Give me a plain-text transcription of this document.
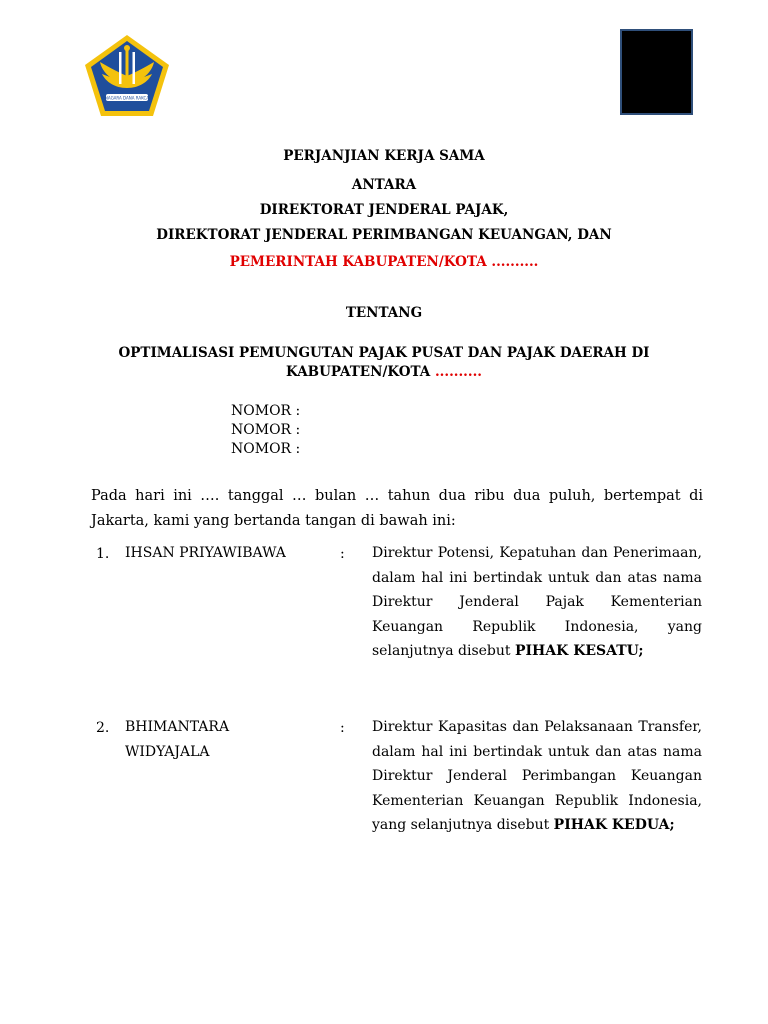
NAGARA DANA RAKCA
PERJANJIAN KERJA SAMA
ANTARA
DIREKTORAT JENDERAL PAJAK,
DIREKTORAT JENDERAL PERIMBANGAN KEUANGAN, DAN
PEMERINTAH KABUPATEN/KOTA ..........
TENTANG
OPTIMALISASI PEMUNGUTAN PAJAK PUSAT DAN PAJAK DAERAH DI
KABUPATEN/KOTA ..........
NOMOR :
NOMOR :
NOMOR :
Pada hari ini …. tanggal … bulan … tahun dua ribu dua puluh, bertempat di Jakarta, kami yang bertanda tangan di bawah ini:
1. IHSAN PRIYAWIBAWA	: Direktur Potensi, Kepatuhan dan Penerimaan, dalam hal ini bertindak untuk dan atas nama Direktur Jenderal Pajak Kementerian Keuangan Republik Indonesia, yang selanjutnya disebut PIHAK KESATU;
2. BHIMANTARA
WIDYAJALA
: Direktur Kapasitas dan Pelaksanaan Transfer, dalam hal ini bertindak untuk dan atas nama Direktur Jenderal Perimbangan Keuangan Kementerian Keuangan Republik Indonesia, yang selanjutnya disebut PIHAK KEDUA;
